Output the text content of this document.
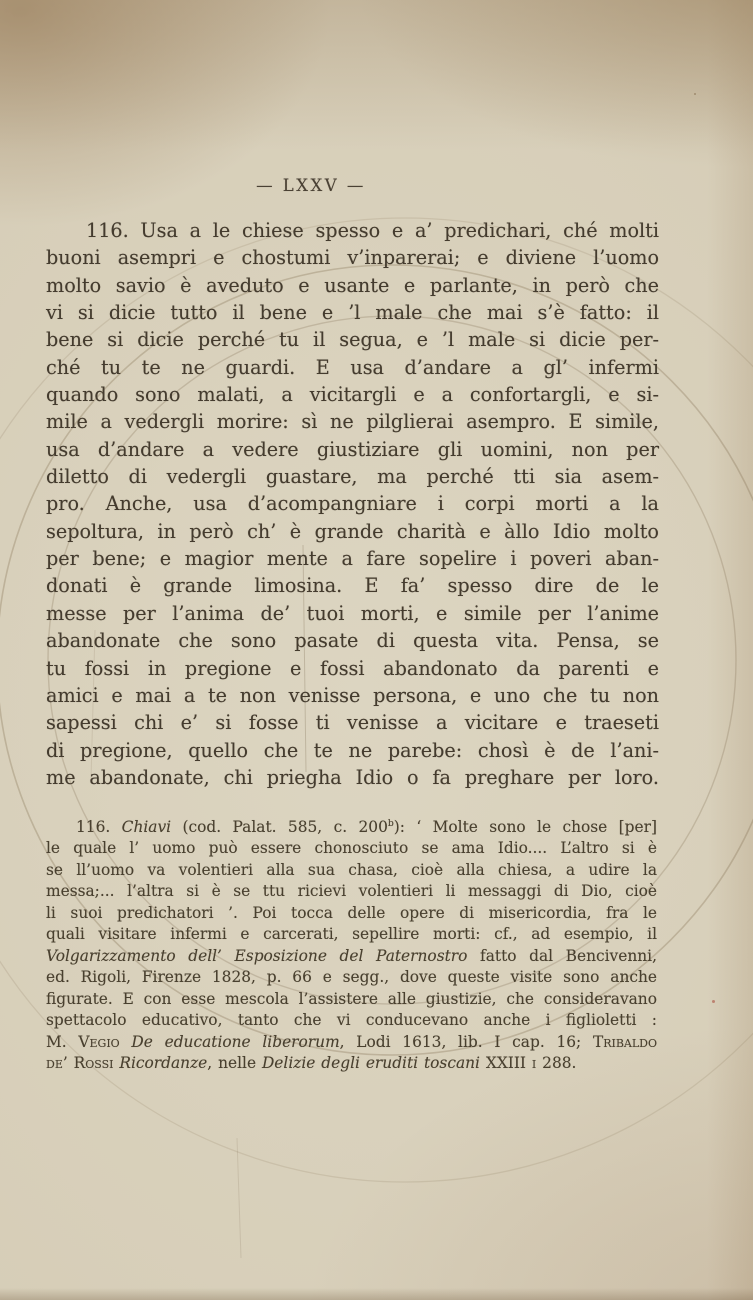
— LXXV —
116. Usa a le chiese spesso e a’ predichari, ché molti
buoni asempri e chostumi v’inparerai; e diviene l’uomo
molto savio è aveduto e usante e parlante, in però che
vi si dicie tutto il bene e ’l male che mai s’è fatto: il
bene si dicie perché tu il segua, e ’l male si dicie per-
ché tu te ne guardi. E usa d’andare a gl’ infermi
quando sono malati, a vicitargli e a confortargli, e si-
mile a vedergli morire: sì ne pilglierai asempro. E simile,
usa d’andare a vedere giustiziare gli uomini, non per
diletto di vedergli guastare, ma perché tti sia asem-
pro. Anche, usa d’acompangniare i corpi morti a la
sepoltura, in però ch’ è grande charità e àllo Idio molto
per bene; e magior mente a fare sopelire i poveri aban-
donati è grande limosina. E fa’ spesso dire de le
messe per l’anima de’ tuoi morti, e simile per l’anime
abandonate che sono pasate di questa vita. Pensa, se
tu fossi in pregione e fossi abandonato da parenti e
amici e mai a te non venisse persona, e uno che tu non
sapessi chi e’ si fosse ti venisse a vicitare e traeseti
di pregione, quello che te ne parebe: chosì è de l’ani-
me abandonate, chi priegha Idio o fa preghare per loro.
116. Chiavi (cod. Palat. 585, c. 200$^b$): ‘ Molte sono le chose [per]
le quale l’ uomo può essere chonosciuto se ama Idio.... L’altro si è
se ll’uomo va volentieri alla sua chasa, cioè alla chiesa, a udire la
messa;... l’altra si è se ttu ricievi volentieri li messaggi di Dio, cioè
li suoi predichatori ’. Poi tocca delle opere di misericordia, fra le
quali visitare infermi e carcerati, sepellire morti: cf., ad esempio, il
Volgarizzamento dell’ Esposizione del Paternostro fatto dal Bencivenni,
ed. Rigoli, Firenze 1828, p. 66 e segg., dove queste visite sono anche
figurate. E con esse mescola l’assistere alle giustizie, che consideravano
spettacolo educativo, tanto che vi conducevano anche i figlioletti :
M. Vegio De educatione liberorum, Lodi 1613, lib. I cap. 16; Tribaldo
de’ Rossi Ricordanze, nelle Delizie degli eruditi toscani XXIII i 288.
